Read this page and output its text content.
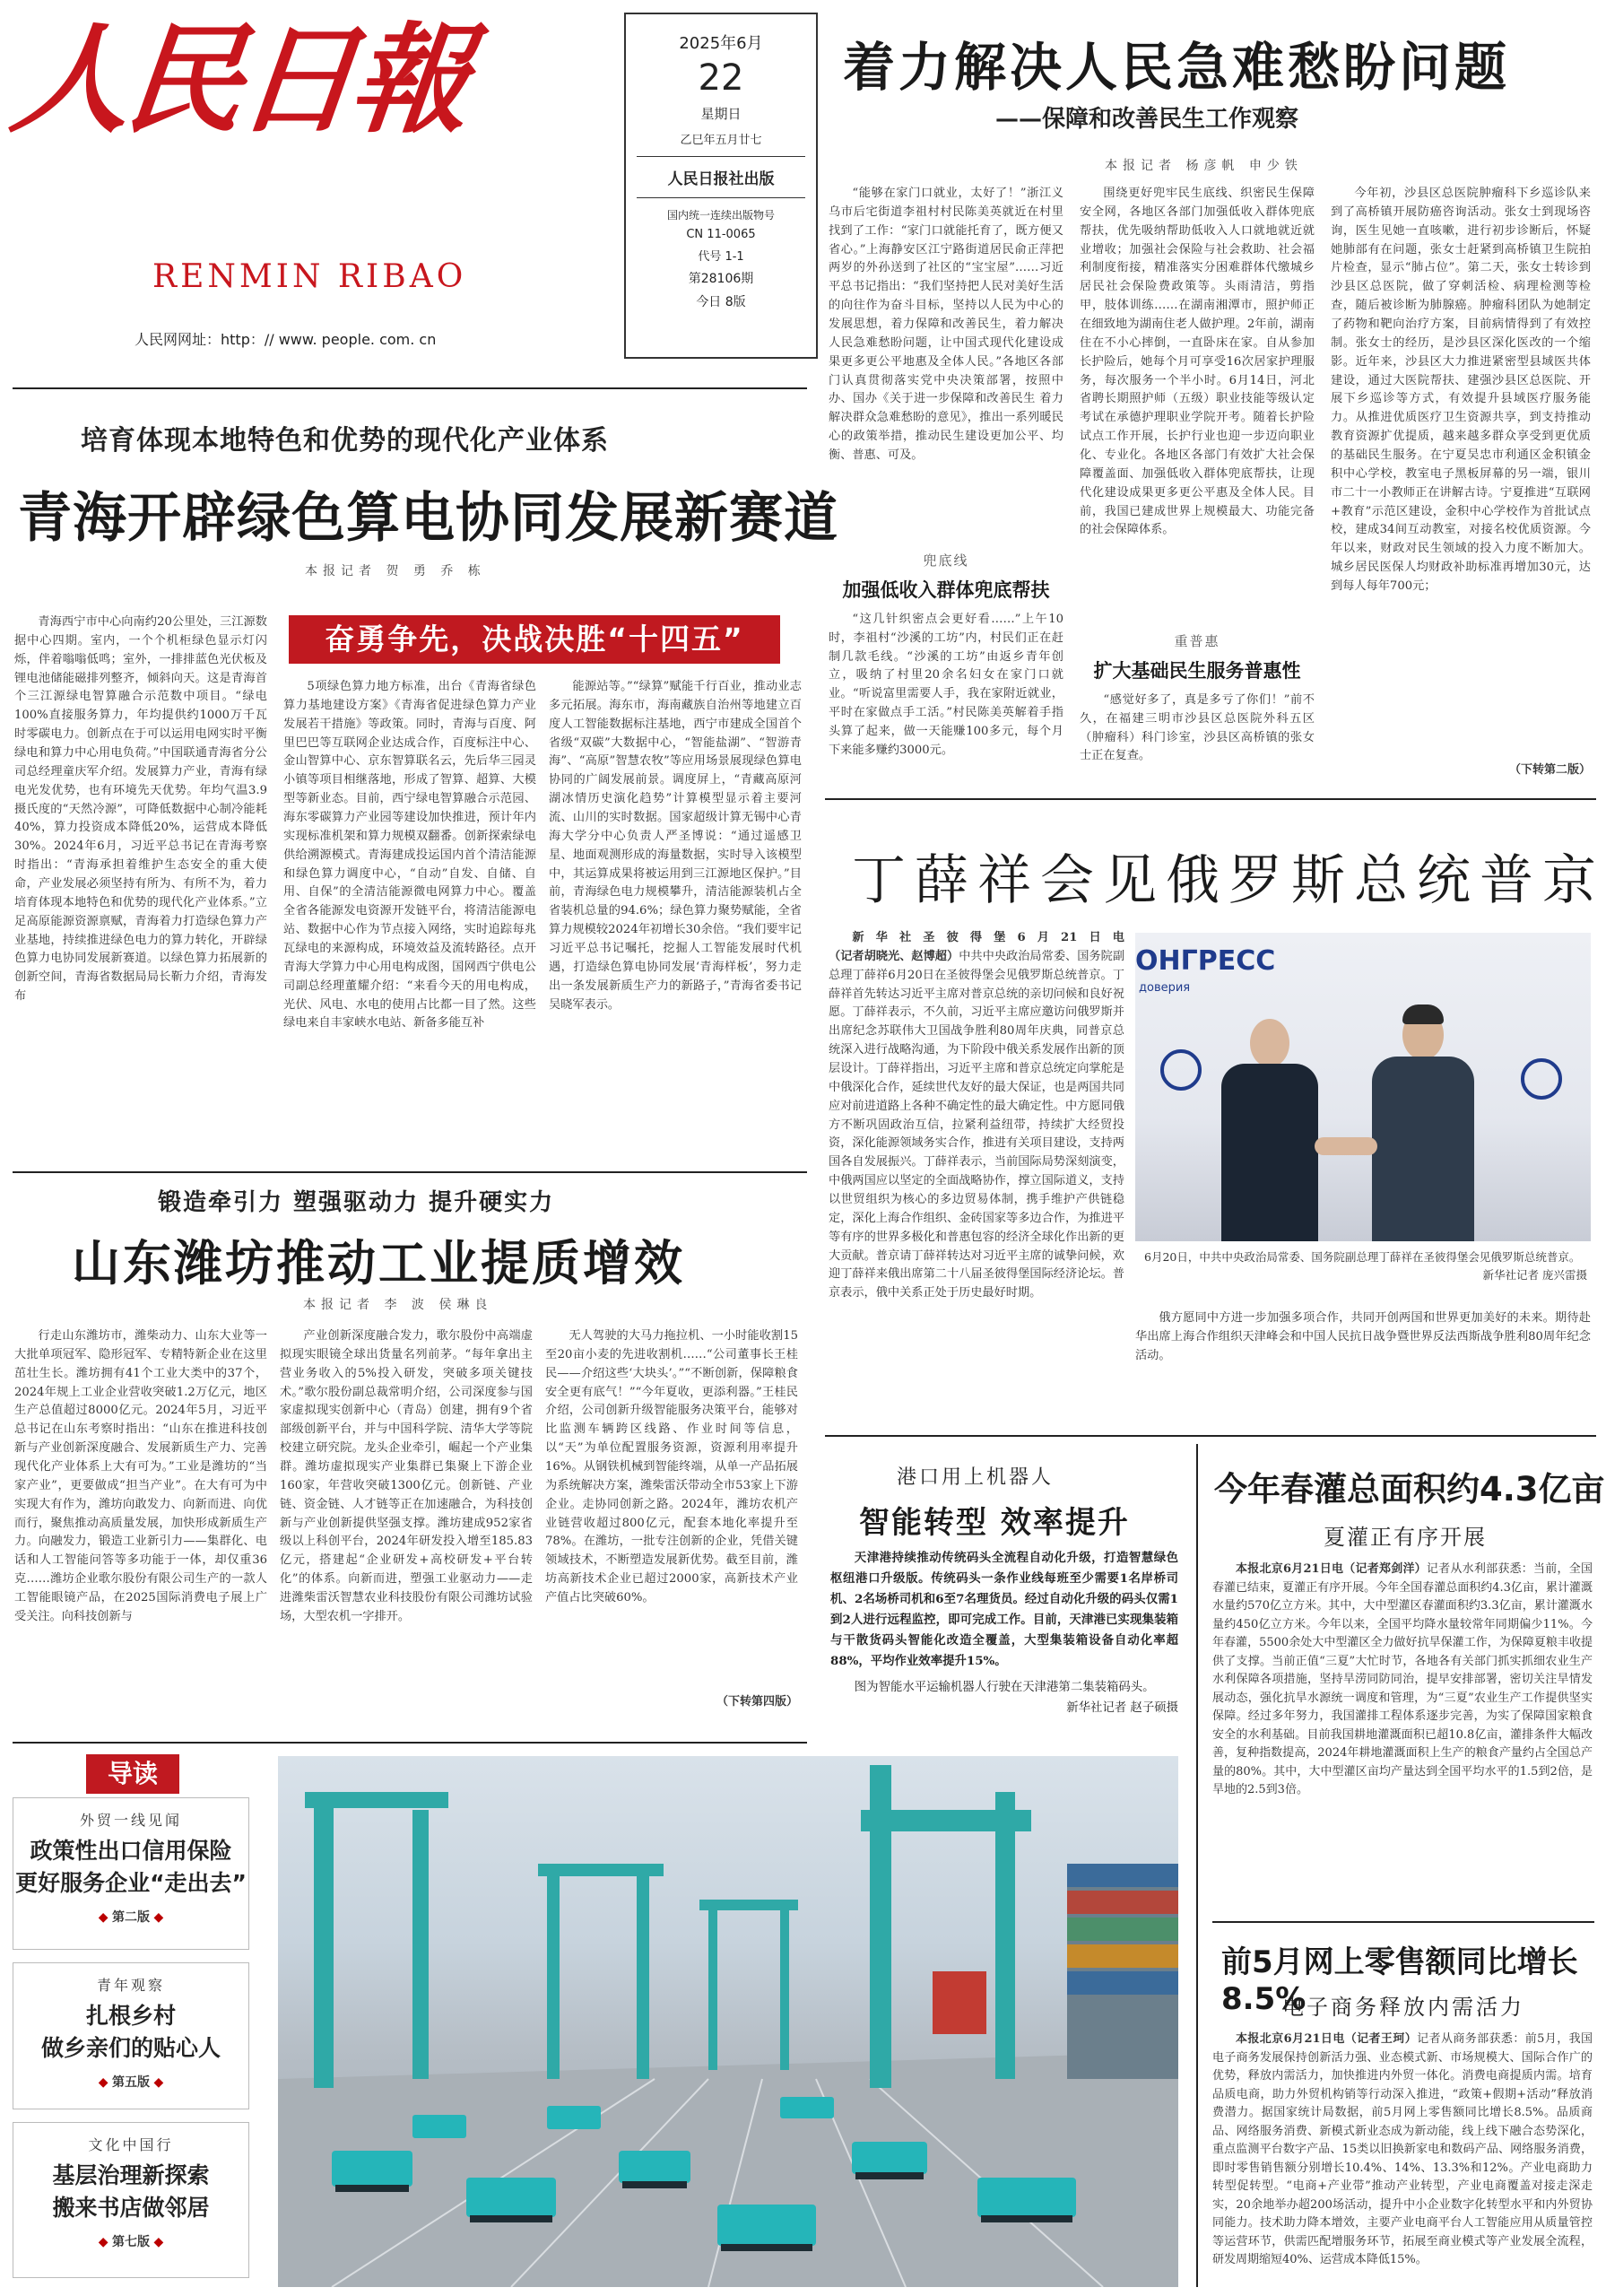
人民日報
RENMIN RIBAO
人民网网址：http：// www. people. com. cn
2025年6月
22
星期日
乙巳年五月廿七
人民日报社出版
国内统一连续出版物号
CN 11-0065
代号 1-1
第28106期
今日 8版
着力解决人民急难愁盼问题
——保障和改善民生工作观察
本报记者 杨彦帆 申少铁

“能够在家门口就业，太好了！”浙江义乌市后宅街道李祖村村民陈美英就近在村里找到了工作：“家门口就能托育了，既方便又省心。”上海静安区江宁路街道居民俞正萍把两岁的外孙送到了社区的“宝宝屋”……习近平总书记指出：“我们坚持把人民对美好生活的向往作为奋斗目标，坚持以人民为中心的发展思想，着力保障和改善民生，着力解决人民急难愁盼问题，让中国式现代化建设成果更多更公平地惠及全体人民。”各地区各部门认真贯彻落实党中央决策部署，按照中办、国办《关于进一步保障和改善民生 着力解决群众急难愁盼的意见》，推出一系列暖民心的政策举措，推动民生建设更加公平、均衡、普惠、可及。

兜底线
加强低收入群体兜底帮扶

“这几针织密点会更好看……”上午10时，李祖村“沙溪的工坊”内，村民们正在赶制几款毛线。“沙溪的工坊”由返乡青年创立，吸纳了村里20余名妇女在家门口就业。“听说富里需要人手，我在家附近就业，平时在家做点手工活。”村民陈美英解着手指头算了起来，做一天能赚100多元，每个月下来能多赚约3000元。

围绕更好兜牢民生底线、织密民生保障安全网，各地区各部门加强低收入群体兜底帮扶，优先吸纳帮助低收入人口就地就近就业增收；加强社会保险与社会救助、社会福利制度衔接，精准落实分困难群体代缴城乡居民社会保险费政策等。头雨清洁，剪指甲，肢体训练……在湖南湘潭市，照护师正在细致地为湖南住老人做护理。2年前，湖南住在不小心摔倒，一直卧床在家。自从参加长护险后，她每个月可享受16次居家护理服务，每次服务一个半小时。6月14日，河北省聘长期照护师（五级）职业技能等级认定考试在承德护理职业学院开考。随着长护险试点工作开展，长护行业也迎一步迈向职业化、专业化。各地区各部门有效扩大社会保障覆盖面、加强低收入群体兜底帮扶，让现代化建设成果更多更公平惠及全体人民。目前，我国已建成世界上规模最大、功能完备的社会保障体系。

重普惠
扩大基础民生服务普惠性

“感觉好多了，真是多亏了你们！”前不久，在福建三明市沙县区总医院外科五区（肿瘤科）科门诊室，沙县区高桥镇的张女士正在复查。

今年初，沙县区总医院肿瘤科下乡巡诊队来到了高桥镇开展防癌咨询活动。张女士到现场咨询，医生见她一直咳嗽，进行初步诊断后，怀疑她肺部有在问题，张女士赶紧到高桥镇卫生院拍片检查，显示“肺占位”。第二天，张女士转诊到沙县区总医院，做了穿刺活检、病理检测等检查，随后被诊断为肺腺癌。肿瘤科团队为她制定了药物和靶向治疗方案，目前病情得到了有效控制。张女士的经历，是沙县区深化医改的一个缩影。近年来，沙县区大力推进紧密型县域医共体建设，通过大医院帮扶、建强沙县区总医院、开展下乡巡诊等方式，有效提升县域医疗服务能力。从推进优质医疗卫生资源共享，到支持推动教育资源扩优提质，越来越多群众享受到更优质的基础民生服务。在宁夏吴忠市利通区金积镇金积中心学校，教室电子黑板屏幕的另一端，银川市二十一小教师正在讲解古诗。宁夏推进“互联网+教育”示范区建设，金积中心学校作为首批试点校，建成34间互动教室，对接名校优质资源。今年以来，财政对民生领域的投入力度不断加大。城乡居民医保人均财政补助标准再增加30元，达到每人每年700元；

（下转第二版）
培育体现本地特色和优势的现代化产业体系
青海开辟绿色算电协同发展新赛道
本报记者 贺 勇 乔 栋
奋勇争先，决战决胜“十四五”

青海西宁市中心向南约20公里处，三江源数据中心四期。室内，一个个机柜绿色显示灯闪烁，伴着嗡嗡低鸣；室外，一排排蓝色光伏板及锂电池储能磁排列整齐，倾斜向天。这是青海首个三江源绿电智算融合示范数中项目。“绿电100%直接服务算力，年均提供约1000万千瓦时零碳电力。创新点在于可以运用电网实时平衡绿电和算力中心用电负荷。”中国联通青海省分公司总经理童庆军介绍。发展算力产业，青海有绿电光发优势，也有环境先天优势。年均气温3.9摄氏度的“天然冷源”，可降低数据中心制冷能耗40%，算力投资成本降低20%，运营成本降低30%。2024年6月，习近平总书记在青海考察时指出：“青海承担着维护生态安全的重大使命，产业发展必须坚持有所为、有所不为，着力培育体现本地特色和优势的现代化产业体系。”立足高原能源资源禀赋，青海着力打造绿色算力产业基地，持续推进绿色电力的算力转化，开辟绿色算力电协同发展新赛道。以绿色算力拓展新的创新空间，青海省数据局局长靳力介绍，青海发布

5项绿色算力地方标准，出台《青海省绿色算力基地建设方案》《青海省促进绿色算力产业发展若干措施》等政策。同时，青海与百度、阿里巴巴等互联网企业达成合作，百度标注中心、金山智算中心、京东智算联名云，先后华三园灵小镇等项目相继落地，形成了智算、超算、大模型等新业态。目前，西宁绿电智算融合示范园、海东零碳算力产业园等建设加快推进，预计年内实现标准机架和算力规模双翻番。创新探索绿电供给溯源模式。青海建成投运国内首个清洁能源和绿色算力调度中心，“自动”自发、自储、自用、自保”的全清洁能源微电网算力中心。覆盖全省各能源发电资源开发链平台，将清洁能源电站、数据中心作为节点接入网络，实时追踪每兆瓦绿电的来源构成，环境效益及流转路径。点开青海大学算力中心用电构成图，国网西宁供电公司副总经理董耀介绍：“来看今天的用电构成，光伏、风电、水电的使用占比都一目了然。这些绿电来自丰家峡水电站、新备多能互补

能源站等。”“绿算”赋能千行百业，推动业志多元拓展。海东市，海南藏族自治州等地建立百度人工智能数据标注基地，西宁市建成全国首个省级“双碳”大数据中心，“智能盐湖”、“智游青海”、“高原”智慧农牧”等应用场景展现绿色算电协同的广阔发展前景。调度屏上，“青藏高原河湖冰情历史演化趋势”计算模型显示着主要河流、山川的实时数据。国家超级计算无锡中心青海大学分中心负责人严圣博说：“通过遥感卫星、地面观测形成的海量数据，实时导入该模型中，其运算成果将被运用到三江源地区保护。”目前，青海绿色电力规模攀升，清洁能源装机占全省装机总量的94.6%；绿色算力聚势赋能，全省算力规模较2024年初增长30余倍。“我们要牢记习近平总书记嘱托，挖掘人工智能发展时代机遇，打造绿色算电协同发展‘青海样板’，努力走出一条发展新质生产力的新路子，”青海省委书记吴晓军表示。

锻造牵引力 塑强驱动力 提升硬实力
山东潍坊推动工业提质增效
本报记者 李 波 侯琳良

行走山东潍坊市，潍柴动力、山东大业等一大批单项冠军、隐形冠军、专精特新企业在这里茁壮生长。潍坊拥有41个工业大类中的37个，2024年规上工业企业营收突破1.2万亿元，地区生产总值超过8000亿元。2024年5月，习近平总书记在山东考察时指出：“山东在推进科技创新与产业创新深度融合、发展新质生产力、完善现代化产业体系上大有可为。”工业是潍坊的“当家产业”，更要做成“担当产业”。在大有可为中实现大有作为，潍坊向敢发力、向新而进、向优而行，聚焦推动高质量发展，加快形成新质生产力。向融发力，锻造工业新引力——集群化、电话和人工智能问答等多功能于一体，却仅重36克……潍坊企业歌尔股份有限公司生产的一款人工智能眼镜产品，在2025国际消费电子展上广受关注。向科技创新与

产业创新深度融合发力，歌尔股份中高端虚拟现实眼镜全球出货量名列前茅。“每年拿出主营业务收入的5%投入研发，突破多项关键技术。”歌尔股份副总裁常明介绍，公司深度参与国家虚拟现实创新中心（青岛）创建，拥有9个省部级创新平台，并与中国科学院、清华大学等院校建立研究院。龙头企业牵引，崛起一个产业集群。潍坊虚拟现实产业集群已集聚上下游企业160家，年营收突破1300亿元。创新链、产业链、资金链、人才链等正在加速融合，为科技创新与产业创新提供坚强支撑。潍坊建成952家省级以上科创平台，2024年研发投入增至185.83亿元，搭建起“企业研发+高校研发+平台转化”的体系。向新而进，塑强工业驱动力——走进潍柴雷沃智慧农业科技股份有限公司潍坊试验场，大型农机一字排开。

无人驾驶的大马力拖拉机、一小时能收割15至20亩小麦的先进收割机……“公司董事长王桂民——介绍这些‘大块头’。”“不断创新，保障粮食安全更有底气！”“今年夏收，更添利器。”王桂民介绍，公司创新升级智能服务决策平台，能够对比监测车辆跨区线路、作业时间等信息，以“天”为单位配置服务资源，资源利用率提升16%。从钢铁机械到智能终端，从单一产品拓展为系统解决方案，潍柴雷沃带动全市53家上下游企业。走协同创新之路。2024年，潍坊农机产业链营收超过800亿元，配套本地化率提升至78%。在潍坊，一批专注创新的企业，凭借关键领域技术，不断塑造发展新优势。截至目前，潍坊高新技术企业已超过2000家，高新技术产业产值占比突破60%。

（下转第四版）
丁薛祥会见俄罗斯总统普京

新华社圣彼得堡6月21日电（记者胡晓光、赵博超）中共中央政治局常委、国务院副总理丁薛祥6月20日在圣彼得堡会见俄罗斯总统普京。丁薛祥首先转达习近平主席对普京总统的亲切问候和良好祝愿。丁薛祥表示，不久前，习近平主席应邀访问俄罗斯并出席纪念苏联伟大卫国战争胜利80周年庆典，同普京总统深入进行战略沟通，为下阶段中俄关系发展作出新的顶层设计。丁薛祥指出，习近平主席和普京总统定向掌舵是中俄深化合作，延续世代友好的最大保证，也是两国共同应对前进道路上各种不确定性的最大确定性。中方愿同俄方不断巩固政治互信，拉紧利益纽带，持续扩大经贸投资，深化能源领域务实合作，推进有关项目建设，支持两国各自发展振兴。丁薛祥表示，当前国际局势深刻演变，中俄两国应以坚定的全面战略协作，撑立国际道义，支持以世贸组织为核心的多边贸易体制，携手维护产供链稳定，深化上海合作组织、金砖国家等多边合作，为推进平等有序的世界多极化和普惠包容的经济全球化作出新的更大贡献。普京请丁薛祥转达对习近平主席的诚挚问候，欢迎丁薛祥来俄出席第二十八届圣彼得堡国际经济论坛。普京表示，俄中关系正处于历史最好时期。

ОНГРЕСС
доверия
6月20日，中共中央政治局常委、国务院副总理丁薛祥在圣彼得堡会见俄罗斯总统普京。
新华社记者 庞兴雷摄

俄方愿同中方进一步加强多项合作，共同开创两国和世界更加美好的未来。期待赴华出席上海合作组织天津峰会和中国人民抗日战争暨世界反法西斯战争胜利80周年纪念活动。

港口用上机器人
智能转型 效率提升

天津港持续推动传统码头全流程自动化升级，打造智慧绿色枢纽港口升级版。传统码头一条作业线每班至少需要1名岸桥司机、2名场桥司机和6至7名理货员。经过自动化升级的码头仅需1到2人进行远程监控，即可完成工作。目前，天津港已实现集装箱与干散货码头智能化改造全覆盖，大型集装箱设备自动化率超88%，平均作业效率提升15%。

图为智能水平运输机器人行驶在天津港第二集装箱码头。
新华社记者 赵子硕摄

今年春灌总面积约4.3亿亩
夏灌正有序开展

本报北京6月21日电（记者郑剑洋）记者从水利部获悉：当前，全国春灌已结束，夏灌正有序开展。今年全国春灌总面积约4.3亿亩，累计灌溉水量约570亿立方米。其中，大中型灌区春灌面积约3.3亿亩，累计灌溉水量约450亿立方米。今年以来，全国平均降水量较常年同期偏少11%。今年春灌，5500余处大中型灌区全力做好抗旱保灌工作，为保障夏粮丰收提供了支撑。当前正值“三夏”大忙时节，各地各有关部门抓实抓细农业生产水利保障各项措施，坚持旱涝同防同治，提早安排部署，密切关注旱情发展动态，强化抗旱水源统一调度和管理，为“三夏”农业生产工作提供坚实保障。经过多年努力，我国灌排工程体系逐步完善，为实了保障国家粮食安全的水利基础。目前我国耕地灌溉面积已超10.8亿亩，灌排条件大幅改善，复种指数提高，2024年耕地灌溉面积上生产的粮食产量约占全国总产量的80%。其中，大中型灌区亩均产量达到全国平均水平的1.5到2倍，是旱地的2.5到3倍。

前5月网上零售额同比增长8.5%
电子商务释放内需活力

本报北京6月21日电（记者王珂）记者从商务部获悉：前5月，我国电子商务发展保持创新活力强、业态模式新、市场规模大、国际合作广的优势，释放内需活力，加快推进内外贸一体化。消费电商提质内需。培育品质电商，助力外贸机构销等行动深入推进，“政策+假期+活动”释放消费潜力。据国家统计局数据，前5月网上零售额同比增长8.5%。品质商品、网络服务消费、新模式新业态成为新动能，线上线下融合态势深化，重点监测平台数字产品、15类以旧换新家电和数码产品、网络服务消费，即时零售销售额分别增长10.4%、14%、13.3%和12%。产业电商助力转型促转型。“电商+产业带”推动产业转型，产业电商覆盖对接走深走实，20余地举办超200场活动，提升中小企业数字化转型水平和内外贸协同能力。技术助力降本增效，主要产业电商平台人工智能应用从质量管控等运营环节，供需匹配增服务环节，拓展至商业模式等产业发展全流程，研发周期缩短40%、运营成本降低15%。

导读
外贸一线见闻
政策性出口信用保险
更好服务企业“走出去”
◆ 第二版 ◆
青年观察
扎根乡村
做乡亲们的贴心人
◆ 第五版 ◆
文化中国行
基层治理新探索
搬来书店做邻居
◆ 第七版 ◆
